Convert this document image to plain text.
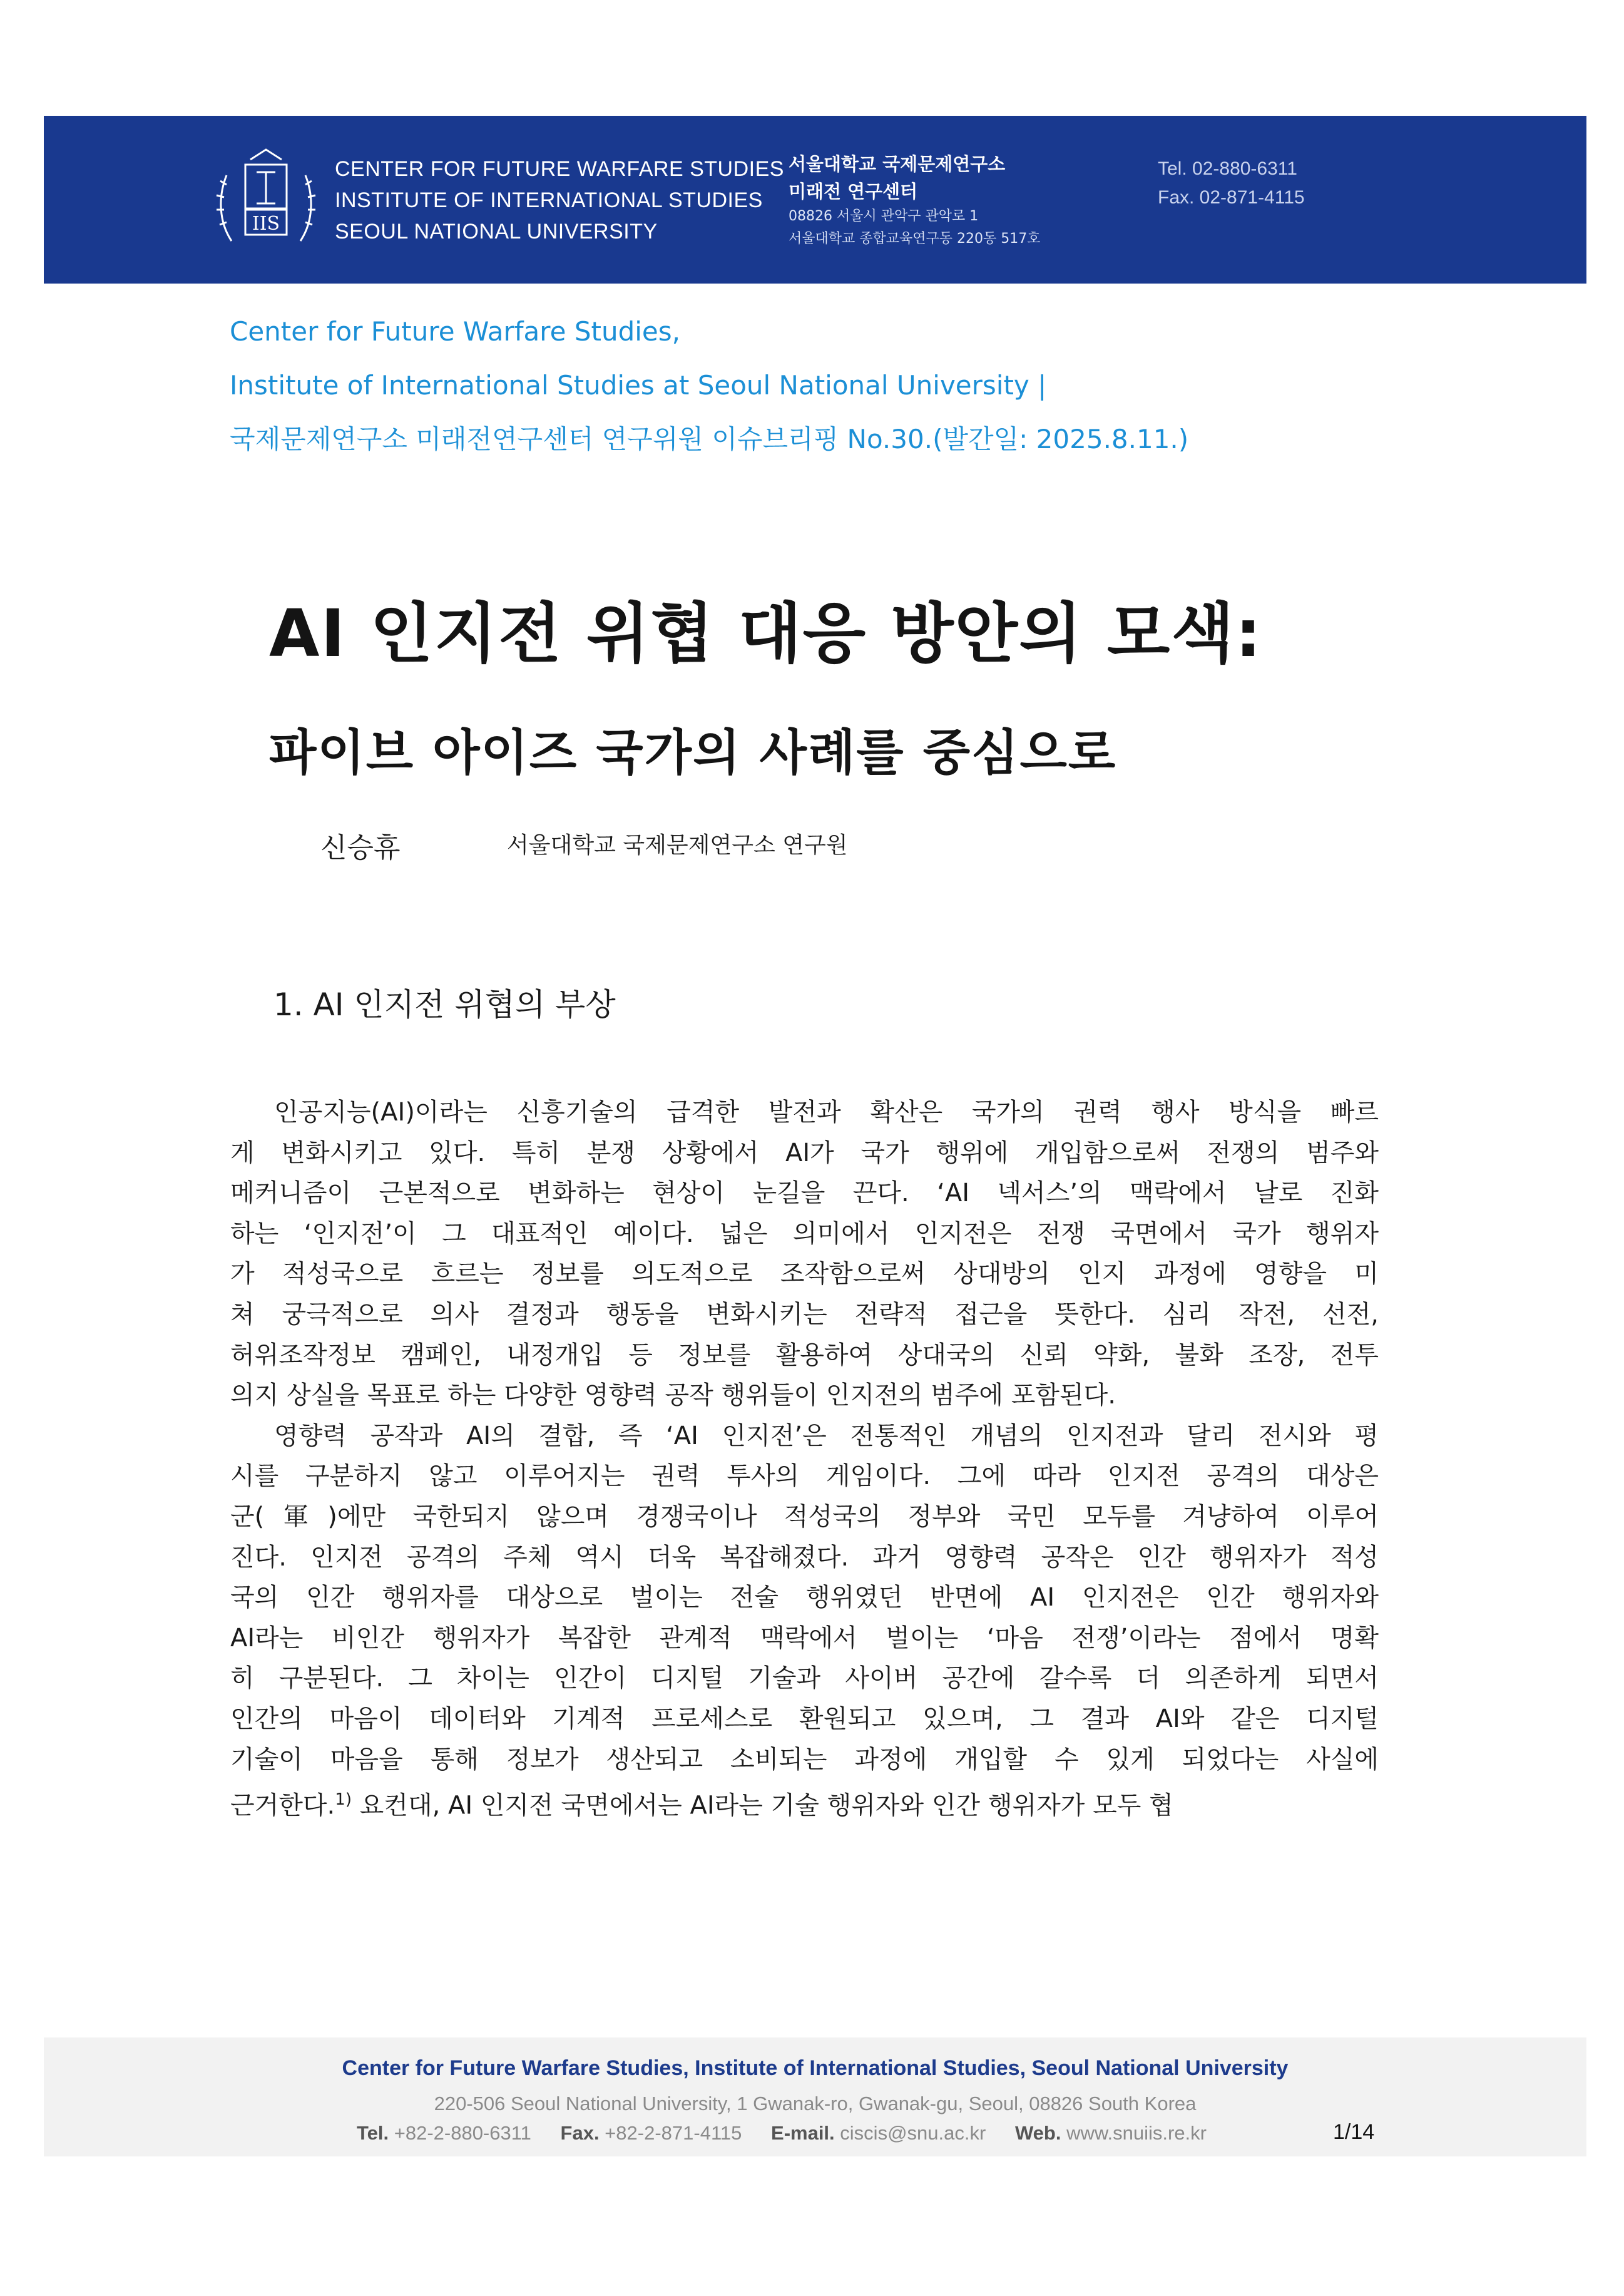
IIS
CENTER FOR FUTURE WARFARE STUDIES
INSTITUTE OF INTERNATIONAL STUDIES
SEOUL NATIONAL UNIVERSITY
서울대학교 국제문제연구소
미래전 연구센터
08826 서울시 관악구 관악로 1
서울대학교 종합교육연구동 220동 517호
Tel. 02-880-6311
Fax. 02-871-4115
Center for Future Warfare Studies,
Institute of International Studies at Seoul National University |
국제문제연구소 미래전연구센터 연구위원 이슈브리핑 No.30.(발간일: 2025.8.11.)
AI 인지전 위협 대응 방안의 모색:
파이브 아이즈 국가의 사례를 중심으로
신승휴	서울대학교 국제문제연구소 연구원
1. AI 인지전 위협의 부상
인공지능(AI)이라는 신흥기술의 급격한 발전과 확산은 국가의 권력 행사 방식을 빠르
게 변화시키고 있다. 특히 분쟁 상황에서 AI가 국가 행위에 개입함으로써 전쟁의 범주와
메커니즘이 근본적으로 변화하는 현상이 눈길을 끈다. ‘AI 넥서스’의 맥락에서 날로 진화
하는 ‘인지전’이 그 대표적인 예이다. 넓은 의미에서 인지전은 전쟁 국면에서 국가 행위자
가 적성국으로 흐르는 정보를 의도적으로 조작함으로써 상대방의 인지 과정에 영향을 미
쳐 궁극적으로 의사 결정과 행동을 변화시키는 전략적 접근을 뜻한다. 심리 작전, 선전,
허위조작정보 캠페인, 내정개입 등 정보를 활용하여 상대국의 신뢰 약화, 불화 조장, 전투
의지 상실을 목표로 하는 다양한 영향력 공작 행위들이 인지전의 범주에 포함된다.
영향력 공작과 AI의 결합, 즉 ‘AI 인지전’은 전통적인 개념의 인지전과 달리 전시와 평
시를 구분하지 않고 이루어지는 권력 투사의 게임이다. 그에 따라 인지전 공격의 대상은
군(軍)에만 국한되지 않으며 경쟁국이나 적성국의 정부와 국민 모두를 겨냥하여 이루어
진다. 인지전 공격의 주체 역시 더욱 복잡해졌다. 과거 영향력 공작은 인간 행위자가 적성
국의 인간 행위자를 대상으로 벌이는 전술 행위였던 반면에 AI 인지전은 인간 행위자와
AI라는 비인간 행위자가 복잡한 관계적 맥락에서 벌이는 ‘마음 전쟁’이라는 점에서 명확
히 구분된다. 그 차이는 인간이 디지털 기술과 사이버 공간에 갈수록 더 의존하게 되면서
인간의 마음이 데이터와 기계적 프로세스로 환원되고 있으며, 그 결과 AI와 같은 디지털
기술이 마음을 통해 정보가 생산되고 소비되는 과정에 개입할 수 있게 되었다는 사실에
근거한다.$^{1)}$ 요컨대, AI 인지전 국면에서는 AI라는 기술 행위자와 인간 행위자가 모두 협
Center for Future Warfare Studies, Institute of International Studies, Seoul National University
220-506 Seoul National University, 1 Gwanak-ro, Gwanak-gu, Seoul, 08826 South Korea
Tel. +82-2-880-6311 Fax. +82-2-871-4115 E-mail. ciscis@snu.ac.kr Web. www.snuiis.re.kr	1/14
